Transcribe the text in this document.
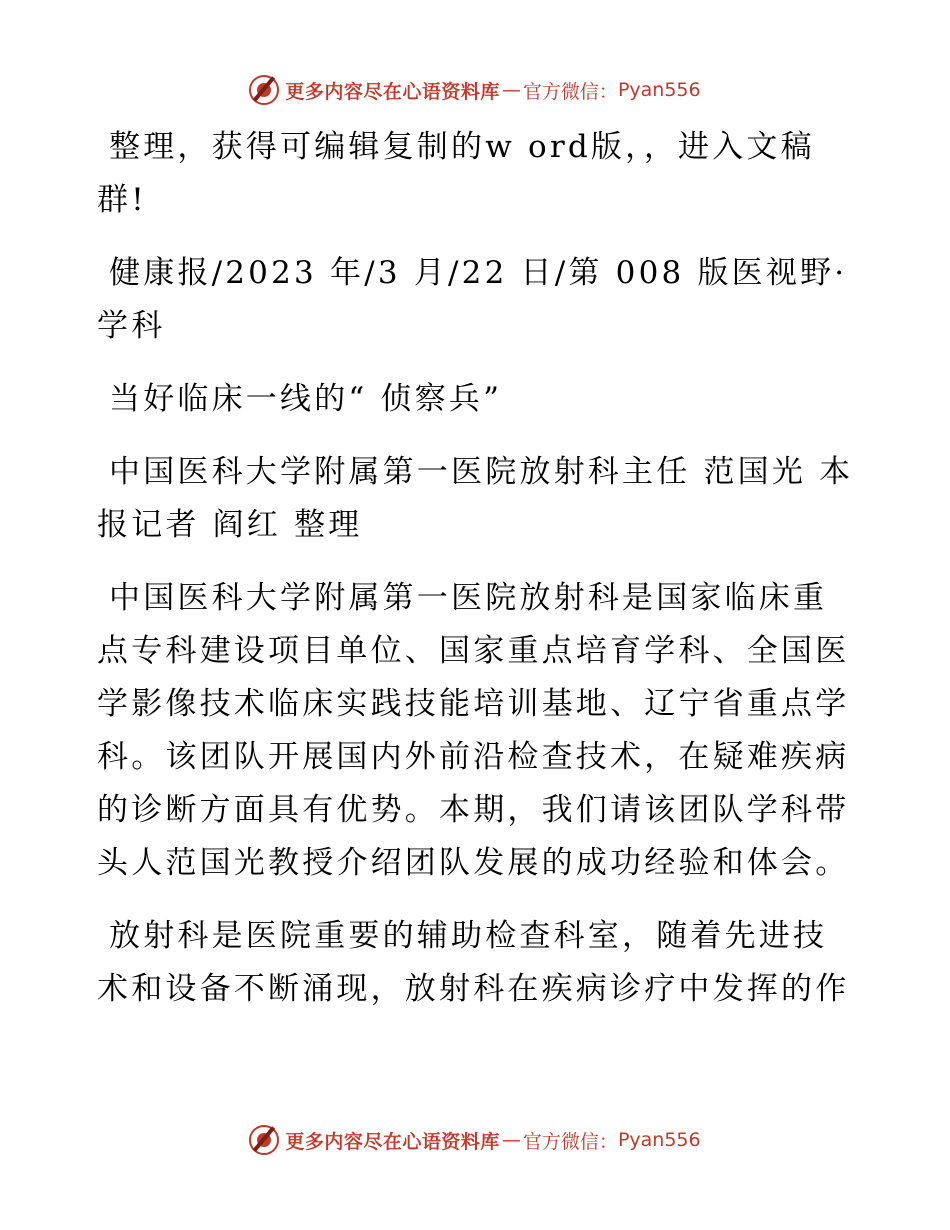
更多内容尽在心语资料库 — 官方微信： Pyan556

整理，获得可编辑复制的w ord版，，进入文稿群!

健康报/2023 年/3 月/22 日/第 008 版医视野·学科

当好临床一线的“ 侦察兵”

中国医科大学附属第一医院放射科主任 范国光 本报记者 阎红 整理

中国医科大学附属第一医院放射科是国家临床重点专科建设项目单位、国家重点培育学科、全国医学影像技术临床实践技能培训基地、辽宁省重点学科。该团队开展国内外前沿检查技术，在疑难疾病的诊断方面具有优势。本期，我们请该团队学科带头人范国光教授介绍团队发展的成功经验和体会。

放射科是医院重要的辅助检查科室，随着先进技术和设备不断涌现，放射科在疾病诊疗中发挥的作

更多内容尽在心语资料库 — 官方微信： Pyan556
